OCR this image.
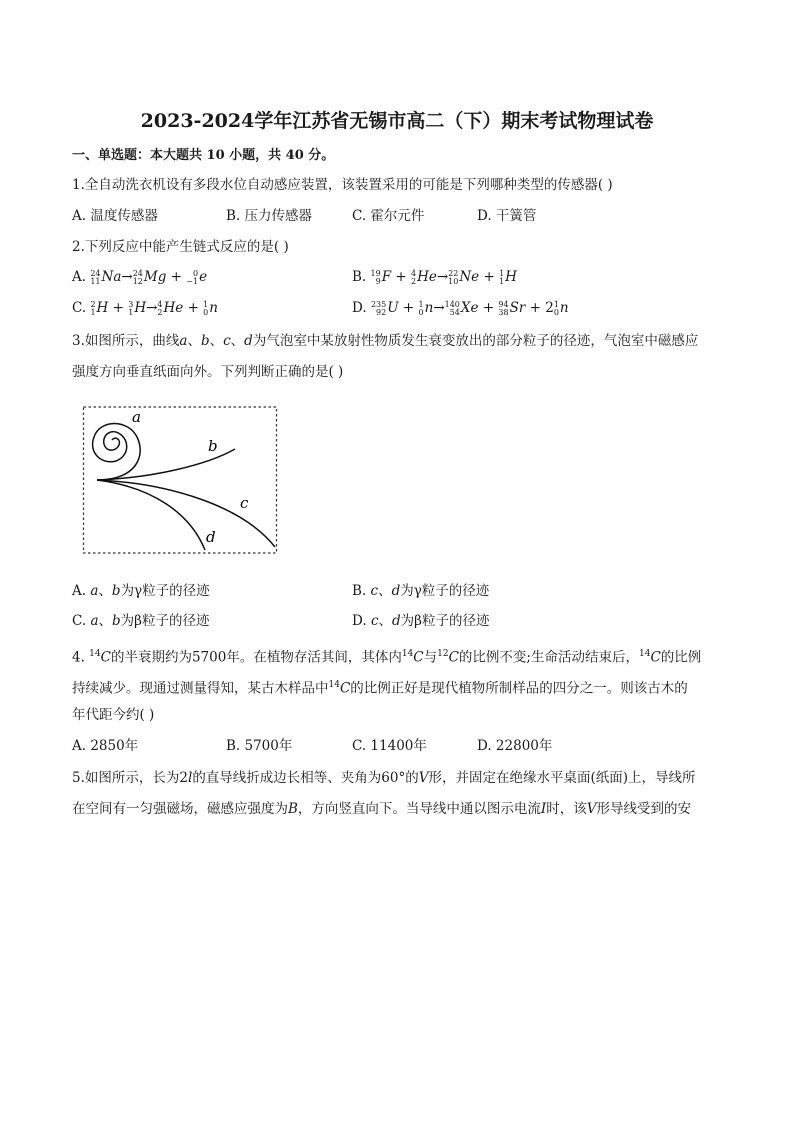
2023-2024学年江苏省无锡市高二（下）期末考试物理试卷
一、单选题：本大题共 10 小题，共 40 分。
1.全自动洗衣机设有多段水位自动感应装置，该装置采用的可能是下列哪种类型的传感器( )
A. 温度传感器	B. 压力传感器	C. 霍尔元件	D. 干簧管
2.下列反应中能产生链式反应的是( )
A. 24
11 Na→ 24
12 Mg +	0
−1 e	B. 19
9 F + 4
2 He→ 22
10 Ne + 1
1 H
C. 2
1 H + 3
1 H→ 4
2 He + 1
0 n	D. 235
92 U + 1
0 n→ 140
54 Xe + 94
38 Sr + 2 1
0 n
3.如图所示，曲线a、b、c、d为气泡室中某放射性物质发生衰变放出的部分粒子的径迹，气泡室中磁感应
强度方向垂直纸面向外。下列判断正确的是( )
a
b
c
d
A. a、b为γ粒子的径迹	B. c、d为γ粒子的径迹
C. a、b为β粒子的径迹	D. c、d为β粒子的径迹
4. $^{14}$C的半衰期约为5700年。在植物存活其间，其体内$^{14}$C与$^{12}$C的比例不变;生命活动结束后，$^{14}$C的比例
持续减少。现通过测量得知，某古木样品中$^{14}$C的比例正好是现代植物所制样品的四分之一。则该古木的
年代距今约( )
A. 2850年	B. 5700年	C. 11400年	D. 22800年
5.如图所示，长为2l的直导线折成边长相等、夹角为60°的V形，并固定在绝缘水平桌面(纸面)上，导线所
在空间有一匀强磁场，磁感应强度为B，方向竖直向下。当导线中通以图示电流I时，该V形导线受到的安
